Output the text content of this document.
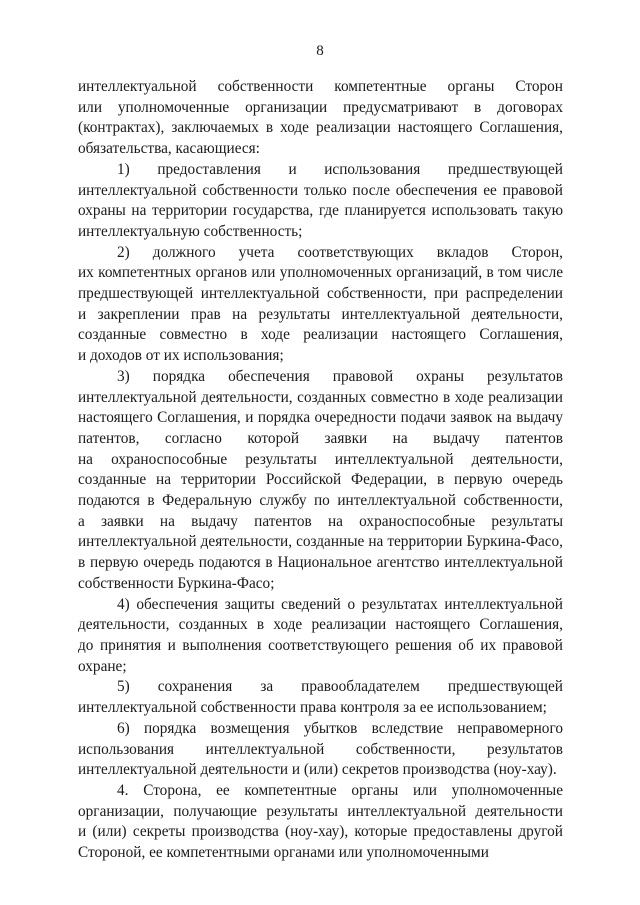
8
интеллектуальной собственности компетентные органы Сторон
или уполномоченные организации предусматривают в договорах
(контрактах), заключаемых в ходе реализации настоящего Соглашения,
обязательства, касающиеся:
1) предоставления и использования предшествующей
интеллектуальной собственности только после обеспечения ее правовой
охраны на территории государства, где планируется использовать такую
интеллектуальную собственность;
2) должного учета соответствующих вкладов Сторон,
их компетентных органов или уполномоченных организаций, в том числе
предшествующей интеллектуальной собственности, при распределении
и закреплении прав на результаты интеллектуальной деятельности,
созданные совместно в ходе реализации настоящего Соглашения,
и доходов от их использования;
3) порядка обеспечения правовой охраны результатов
интеллектуальной деятельности, созданных совместно в ходе реализации
настоящего Соглашения, и порядка очередности подачи заявок на выдачу
патентов, согласно которой заявки на выдачу патентов
на охраноспособные результаты интеллектуальной деятельности,
созданные на территории Российской Федерации, в первую очередь
подаются в Федеральную службу по интеллектуальной собственности,
а заявки на выдачу патентов на охраноспособные результаты
интеллектуальной деятельности, созданные на территории Буркина-Фасо,
в первую очередь подаются в Национальное агентство интеллектуальной
собственности Буркина-Фасо;
4) обеспечения защиты сведений о результатах интеллектуальной
деятельности, созданных в ходе реализации настоящего Соглашения,
до принятия и выполнения соответствующего решения об их правовой
охране;
5) сохранения за правообладателем предшествующей
интеллектуальной собственности права контроля за ее использованием;
6) порядка возмещения убытков вследствие неправомерного
использования интеллектуальной собственности, результатов
интеллектуальной деятельности и (или) секретов производства (ноу-хау).
4. Сторона, ее компетентные органы или уполномоченные
организации, получающие результаты интеллектуальной деятельности
и (или) секреты производства (ноу-хау), которые предоставлены другой
Стороной, ее компетентными органами или уполномоченными
